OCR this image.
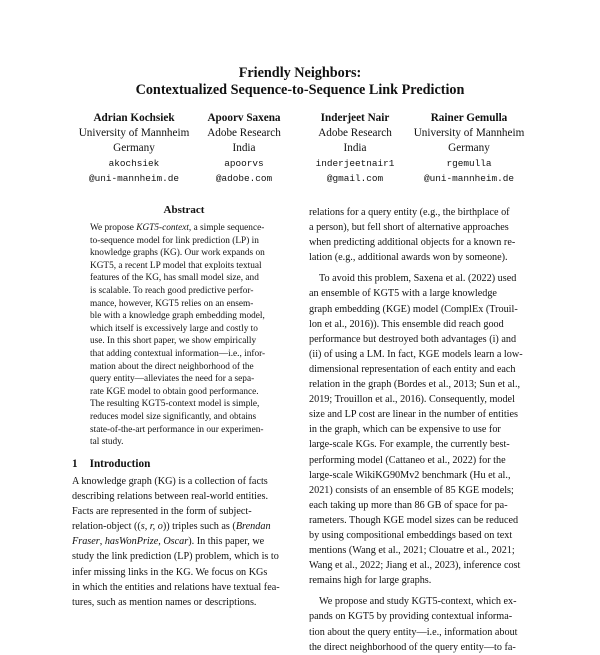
Friendly Neighbors:
Contextualized Sequence-to-Sequence Link Prediction
Adrian Kochsiek
University of Mannheim
Germany
akochsiek
@uni-mannheim.de
Apoorv Saxena
Adobe Research
India
apoorvs
@adobe.com
Inderjeet Nair
Adobe Research
India
inderjeetnair1
@gmail.com
Rainer Gemulla
University of Mannheim
Germany
rgemulla
@uni-mannheim.de
Abstract
We propose KGT5-context, a simple sequence-
to-sequence model for link prediction (LP) in
knowledge graphs (KG). Our work expands on
KGT5, a recent LP model that exploits textual
features of the KG, has small model size, and
is scalable. To reach good predictive perfor-
mance, however, KGT5 relies on an ensem-
ble with a knowledge graph embedding model,
which itself is excessively large and costly to
use. In this short paper, we show empirically
that adding contextual information—i.e., infor-
mation about the direct neighborhood of the
query entity—alleviates the need for a sepa-
rate KGE model to obtain good performance.
The resulting KGT5-context model is simple,
reduces model size significantly, and obtains
state-of-the-art performance in our experimen-
tal study.
1 Introduction
A knowledge graph (KG) is a collection of facts
describing relations between real-world entities.
Facts are represented in the form of subject-
relation-object ((s, r, o)) triples such as (Brendan
Fraser, hasWonPrize, Oscar). In this paper, we
study the link prediction (LP) problem, which is to
infer missing links in the KG. We focus on KGs
in which the entities and relations have textual fea-
tures, such as mention names or descriptions.
relations for a query entity (e.g., the birthplace of
a person), but fell short of alternative approaches
when predicting additional objects for a known re-
lation (e.g., additional awards won by someone).
To avoid this problem, Saxena et al. (2022) used
an ensemble of KGT5 with a large knowledge
graph embedding (KGE) model (ComplEx (Trouil-
lon et al., 2016)). This ensemble did reach good
performance but destroyed both advantages (i) and
(ii) of using a LM. In fact, KGE models learn a low-
dimensional representation of each entity and each
relation in the graph (Bordes et al., 2013; Sun et al.,
2019; Trouillon et al., 2016). Consequently, model
size and LP cost are linear in the number of entities
in the graph, which can be expensive to use for
large-scale KGs. For example, the currently best-
performing model (Cattaneo et al., 2022) for the
large-scale WikiKG90Mv2 benchmark (Hu et al.,
2021) consists of an ensemble of 85 KGE models;
each taking up more than 86 GB of space for pa-
rameters. Though KGE model sizes can be reduced
by using compositional embeddings based on text
mentions (Wang et al., 2021; Clouatre et al., 2021;
Wang et al., 2022; Jiang et al., 2023), inference cost
remains high for large graphs.
We propose and study KGT5-context, which ex-
pands on KGT5 by providing contextual informa-
tion about the query entity—i.e., information about
the direct neighborhood of the query entity—to fa-
